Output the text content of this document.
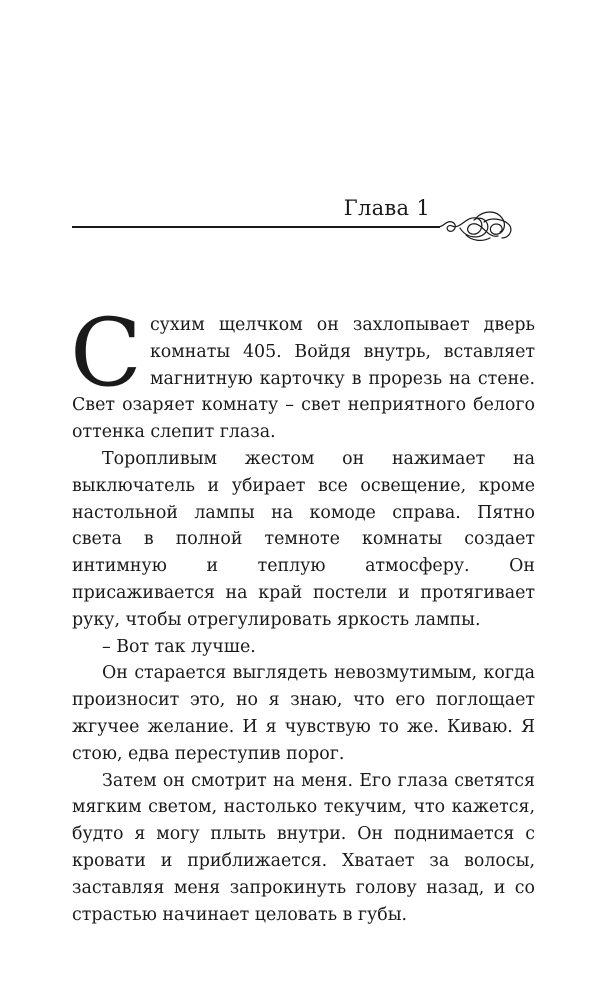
Глава 1

С сухим щелчком он захлопывает дверь комнаты 405. Войдя внутрь, вставляет магнитную карточку в прорезь на стене. Свет озаряет комнату – свет неприятного белого оттенка слепит глаза.

Торопливым жестом он нажимает на выключатель и убирает все освещение, кроме настольной лампы на комоде справа. Пятно света в полной темноте комнаты создает интимную и теплую атмосферу. Он присаживается на край постели и протягивает руку, чтобы отрегулировать яркость лампы.

– Вот так лучше.

Он старается выглядеть невозмутимым, когда произносит это, но я знаю, что его поглощает жгучее желание. И я чувствую то же. Киваю. Я стою, едва переступив порог.

Затем он смотрит на меня. Его глаза светятся мягким светом, настолько текучим, что кажется, будто я могу плыть внутри. Он поднимается с кровати и приближается. Хватает за волосы, заставляя меня запрокинуть голову назад, и со страстью начинает целовать в губы.
